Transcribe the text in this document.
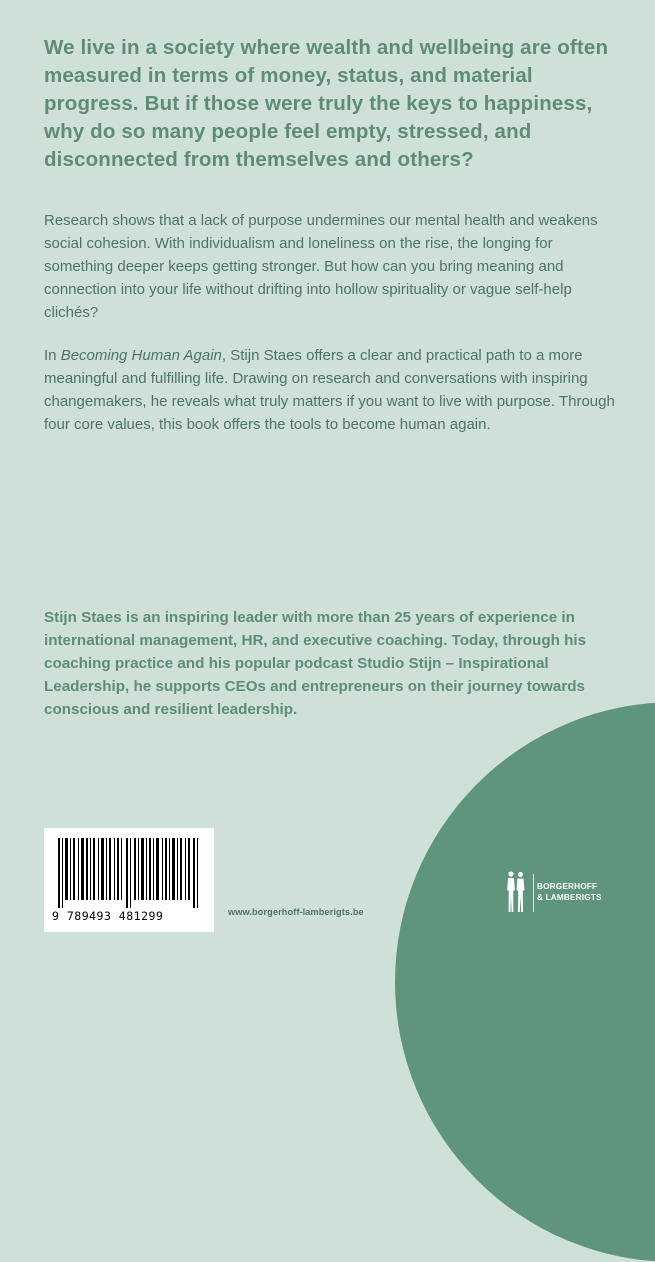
We live in a society where wealth and wellbeing are often measured in terms of money, status, and material progress. But if those were truly the keys to happiness, why do so many people feel empty, stressed, and disconnected from themselves and others?
Research shows that a lack of purpose undermines our mental health and weakens social cohesion. With individualism and loneliness on the rise, the longing for something deeper keeps getting stronger. But how can you bring meaning and connection into your life without drifting into hollow spirituality or vague self-help clichés?
In Becoming Human Again, Stijn Staes offers a clear and practical path to a more meaningful and fulfilling life. Drawing on research and conversations with inspiring changemakers, he reveals what truly matters if you want to live with purpose. Through four core values, this book offers the tools to become human again.
Stijn Staes is an inspiring leader with more than 25 years of experience in international management, HR, and executive coaching. Today, through his coaching practice and his popular podcast Studio Stijn – Inspirational Leadership, he supports CEOs and entrepreneurs on their journey towards conscious and resilient leadership.
9 789493 481299	www.borgerhoff-lamberigts.be
BORGERHOFF
& LAMBERIGTS
